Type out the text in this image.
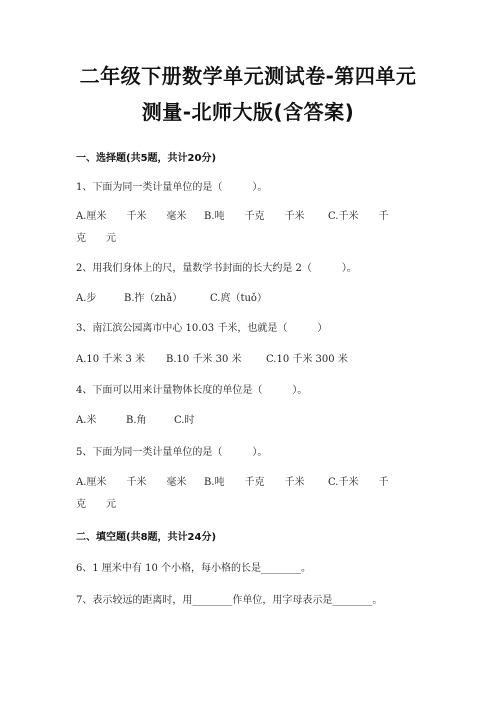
二年级下册数学单元测试卷-第四单元
测量-北师大版(含答案)
一、选择题(共5题，共计20分)
1、下面为同一类计量单位的是（　　　）。
A.厘米　　千米　　毫米 B.吨　　千克　　千米 C.千米　　千
克　　元
2、用我们身体上的尺，量数学书封面的长大约是 2（　　　）。
A.步	B.拃（zhǎ）	C.庹（tuǒ）
3、南江滨公园离市中心 10.03 千米，也就是（　　　）
A.10 千米 3 米 B.10 千米 30 米 C.10 千米 300 米
4、下面可以用来计量物体长度的单位是（　　　）。
A.米	B.角	C.时
5、下面为同一类计量单位的是（　　　）。
A.厘米　　千米　　毫米 B.吨　　千克　　千米 C.千米　　千
克　　元
二、填空题(共8题，共计24分)
6、1 厘米中有 10 个小格，每小格的长是________。
7、表示较远的距离时，用________作单位，用字母表示是________。
